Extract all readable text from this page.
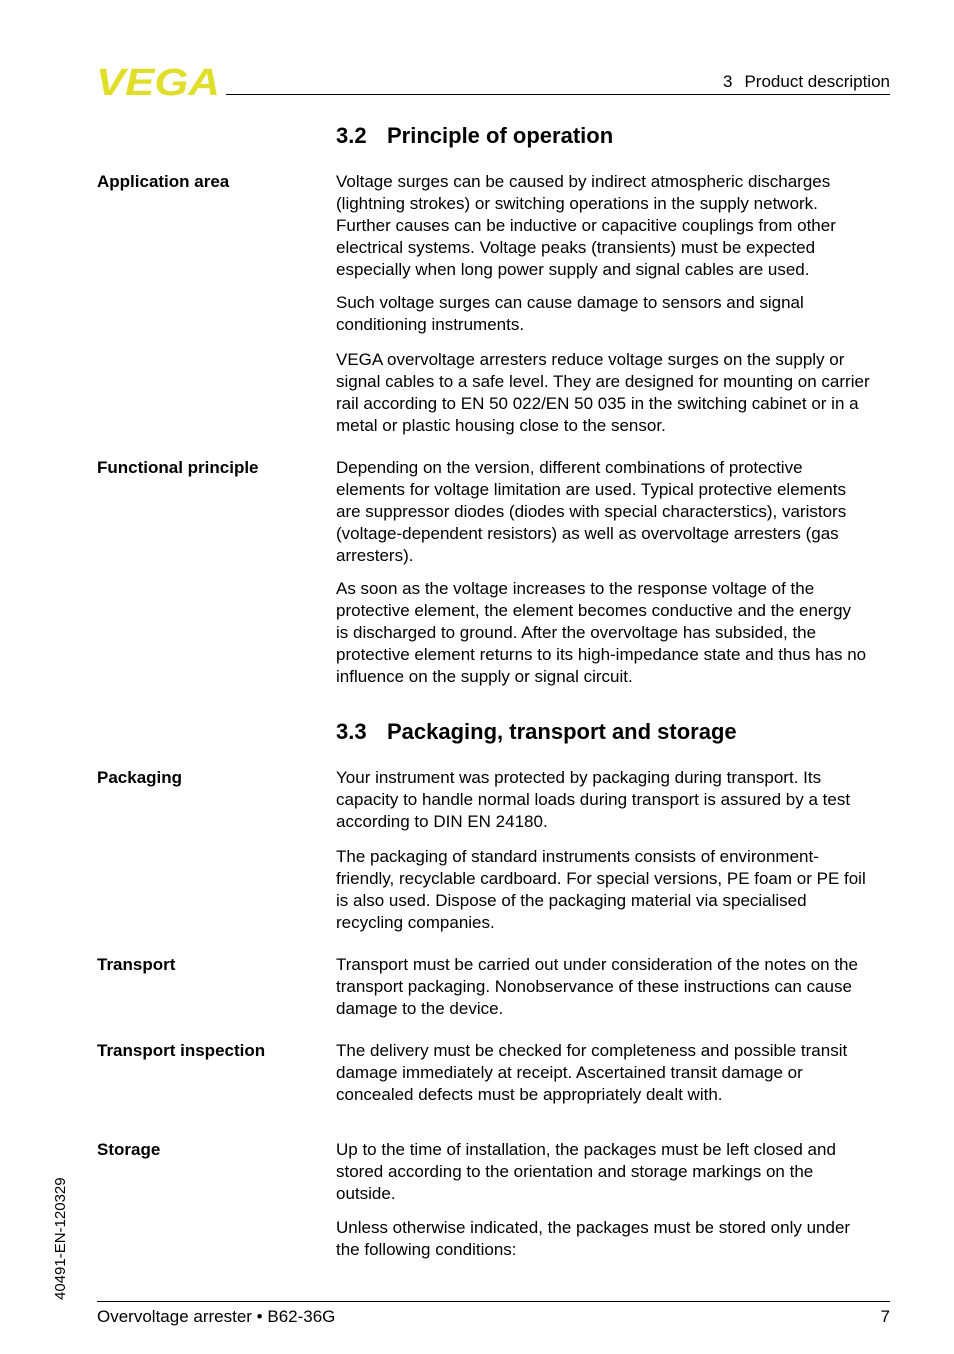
VEGA	3 Product description
3.2 Principle of operation
Application area	Voltage surges can be caused by indirect atmospheric discharges
(lightning strokes) or switching operations in the supply network.
Further causes can be inductive or capacitive couplings from other
electrical systems. Voltage peaks (transients) must be expected
especially when long power supply and signal cables are used.
Such voltage surges can cause damage to sensors and signal
conditioning instruments.
VEGA overvoltage arresters reduce voltage surges on the supply or
signal cables to a safe level. They are designed for mounting on carrier
rail according to EN 50 022/EN 50 035 in the switching cabinet or in a
metal or plastic housing close to the sensor.
Functional principle	Depending on the version, different combinations of protective
elements for voltage limitation are used. Typical protective elements
are suppressor diodes (diodes with special characterstics), varistors
(voltage-dependent resistors) as well as overvoltage arresters (gas
arresters).
As soon as the voltage increases to the response voltage of the
protective element, the element becomes conductive and the energy
is discharged to ground. After the overvoltage has subsided, the
protective element returns to its high-impedance state and thus has no
influence on the supply or signal circuit.
3.3 Packaging, transport and storage
Packaging	Your instrument was protected by packaging during transport. Its
capacity to handle normal loads during transport is assured by a test
according to DIN EN 24180.
The packaging of standard instruments consists of environment-
friendly, recyclable cardboard. For special versions, PE foam or PE foil
is also used. Dispose of the packaging material via specialised
recycling companies.
Transport	Transport must be carried out under consideration of the notes on the
transport packaging. Nonobservance of these instructions can cause
damage to the device.
Transport inspection	The delivery must be checked for completeness and possible transit
damage immediately at receipt. Ascertained transit damage or
concealed defects must be appropriately dealt with.
Storage	Up to the time of installation, the packages must be left closed and
stored according to the orientation and storage markings on the
outside.
Unless otherwise indicated, the packages must be stored only under
the following conditions:
40491-EN-120329
Overvoltage arrester • B62-36G	7
